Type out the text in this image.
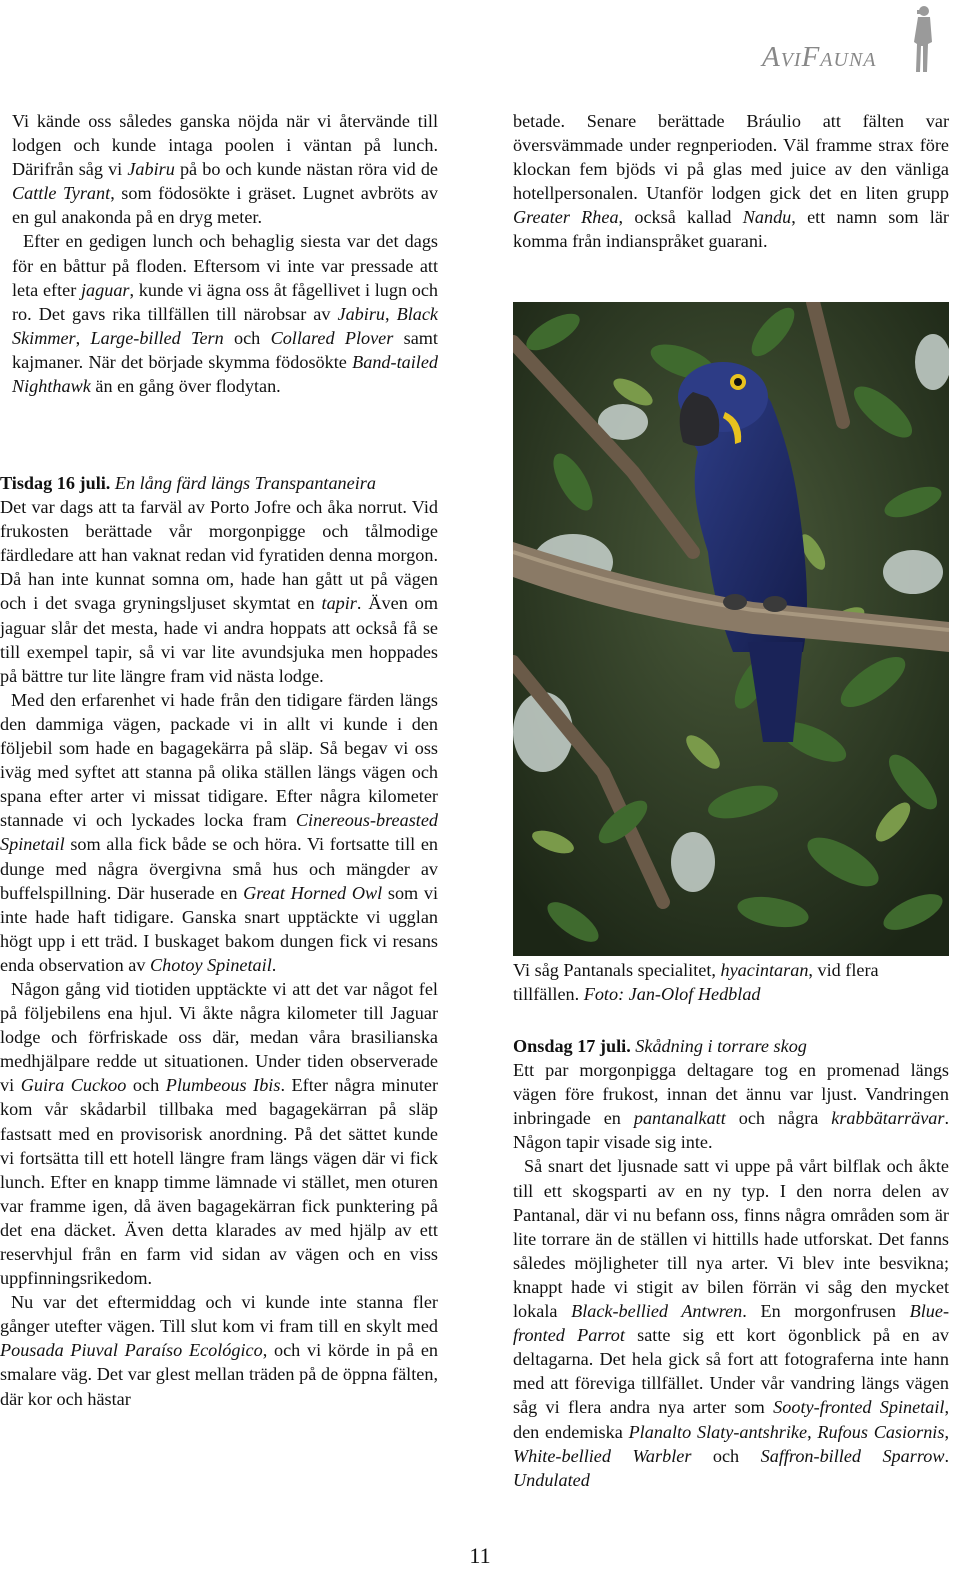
AviFauna

Vi kände oss således ganska nöjda när vi återvände till lodgen och kunde intaga poolen i väntan på lunch. Därifrån såg vi Jabiru på bo och kunde nästan röra vid de Cattle Tyrant, som födosökte i gräset. Lugnet avbröts av en gul anakonda på en dryg meter.

Efter en gedigen lunch och behaglig siesta var det dags för en båttur på floden. Eftersom vi inte var pressade att leta efter jaguar, kunde vi ägna oss åt fågellivet i lugn och ro. Det gavs rika tillfällen till närobsar av Jabiru, Black Skimmer, Large-billed Tern och Collared Plover samt kajmaner. När det började skymma födosökte Band-tailed Nighthawk än en gång över flodytan.

Tisdag 16 juli. En lång färd längs Transpantaneira

Det var dags att ta farväl av Porto Jofre och åka norrut. Vid frukosten berättade vår morgonpigge och tålmodige färdledare att han vaknat redan vid fyratiden denna morgon. Då han inte kunnat somna om, hade han gått ut på vägen och i det svaga gryningsljuset skymtat en tapir. Även om jaguar slår det mesta, hade vi andra hoppats att också få se till exempel tapir, så vi var lite avundsjuka men hoppades på bättre tur lite längre fram vid nästa lodge.

Med den erfarenhet vi hade från den tidigare färden längs den dammiga vägen, packade vi in allt vi kunde i den följebil som hade en bagagekärra på släp. Så begav vi oss iväg med syftet att stanna på olika ställen längs vägen och spana efter arter vi missat tidigare. Efter några kilometer stannade vi och lyckades locka fram Cinereous-breasted Spinetail som alla fick både se och höra. Vi fortsatte till en dunge med några övergivna små hus och mängder av buffelspillning. Där huserade en Great Horned Owl som vi inte hade haft tidigare. Ganska snart upptäckte vi ugglan högt upp i ett träd. I buskaget bakom dungen fick vi resans enda observation av Chotoy Spinetail.

Någon gång vid tiotiden upptäckte vi att det var något fel på följebilens ena hjul. Vi åkte några kilometer till Jaguar lodge och förfriskade oss där, medan våra brasilianska medhjälpare redde ut situationen. Under tiden observerade vi Guira Cuckoo och Plumbeous Ibis. Efter några minuter kom vår skådarbil tillbaka med bagagekärran på släp fastsatt med en provisorisk anordning. På det sättet kunde vi fortsätta till ett hotell längre fram längs vägen där vi fick lunch. Efter en knapp timme lämnade vi stället, men oturen var framme igen, då även bagagekärran fick punktering på det ena däcket. Även detta klarades av med hjälp av ett reservhjul från en farm vid sidan av vägen och en viss uppfinningsrikedom.

Nu var det eftermiddag och vi kunde inte stanna fler gånger utefter vägen. Till slut kom vi fram till en skylt med Pousada Piuval Paraíso Ecológico, och vi körde in på en smalare väg. Det var glest mellan träden på de öppna fälten, där kor och hästar

betade. Senare berättade Bráulio att fälten var översvämmade under regnperioden. Väl framme strax före klockan fem bjöds vi på glas med juice av den vänliga hotellpersonalen. Utanför lodgen gick det en liten grupp Greater Rhea, också kallad Nandu, ett namn som lär komma från indianspråket guarani.

Vi såg Pantanals specialitet, hyacintaran, vid flera tillfällen. Foto: Jan-Olof Hedblad

Onsdag 17 juli. Skådning i torrare skog

Ett par morgonpigga deltagare tog en promenad längs vägen före frukost, innan det ännu var ljust. Vandringen inbringade en pantanalkatt och några krabbätarrävar. Någon tapir visade sig inte.

Så snart det ljusnade satt vi uppe på vårt bilflak och åkte till ett skogsparti av en ny typ. I den norra delen av Pantanal, där vi nu befann oss, finns några områden som är lite torrare än de ställen vi hittills hade utforskat. Det fanns således möjligheter till nya arter. Vi blev inte besvikna; knappt hade vi stigit av bilen förrän vi såg den mycket lokala Black-bellied Antwren. En morgonfrusen Blue-fronted Parrot satte sig ett kort ögonblick på en av deltagarna. Det hela gick så fort att fotograferna inte hann med att föreviga tillfället. Under vår vandring längs vägen såg vi flera andra nya arter som Sooty-fronted Spinetail, den endemiska Planalto Slaty-antshrike, Rufous Casiornis, White-bellied Warbler och Saffron-billed Sparrow. Undulated

11
